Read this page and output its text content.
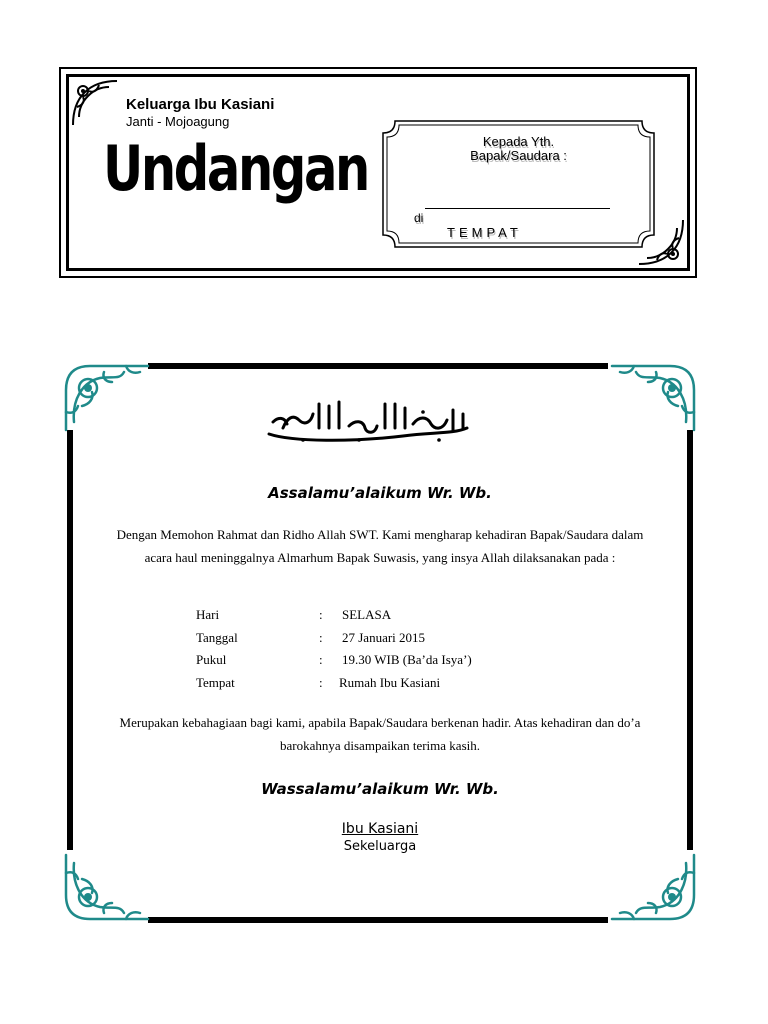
Keluarga Ibu Kasiani
Janti - Mojoagung
Undangan	Kepada Yth.
Bapak/Saudara :
di
TEMPAT
Assalamu’alaikum Wr. Wb.
Dengan Memohon Rahmat dan Ridho Allah SWT. Kami mengharap kehadiran Bapak/Saudara dalam acara haul meninggalnya Almarhum Bapak Suwasis, yang insya Allah dilaksanakan pada :
Hari	: SELASA
Tanggal	: 27 Januari 2015
Pukul	: 19.30 WIB (Ba’da Isya’)
Tempat	: Rumah Ibu Kasiani
Merupakan kebahagiaan bagi kami, apabila Bapak/Saudara berkenan hadir. Atas kehadiran dan do’a barokahnya disampaikan terima kasih.
Wassalamu’alaikum Wr. Wb.
Ibu Kasiani
Sekeluarga
